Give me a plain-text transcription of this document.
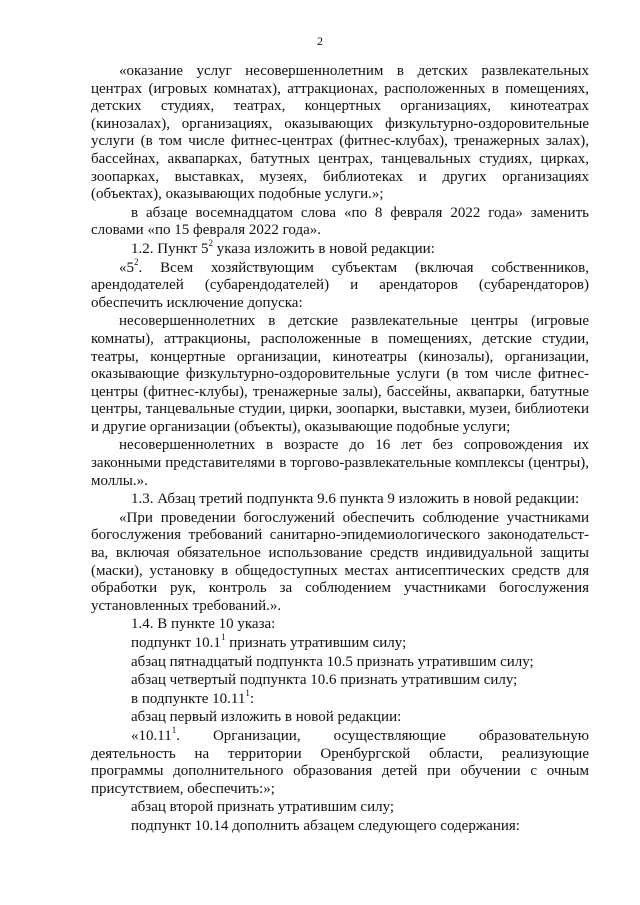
2

«оказание услуг несовершеннолетним в детских развлекательных центрах (игровых комнатах), аттракционах, расположенных в помещениях, детских студиях, театрах, концертных организациях, кинотеатрах (кинозалах), организациях, оказывающих физкультурно-оздоровительные услуги (в том числе фитнес-центрах (фитнес-клубах), тренажерных залах), бассейнах, аквапарках, батутных центрах, танцевальных студиях, цирках, зоопарках, выставках, музеях, библиотеках и других организациях (объектах), оказывающих подобные услуги.»;

в абзаце восемнадцатом слова «по 8 февраля 2022 года» заменить словами «по 15 февраля 2022 года».

1.2. Пункт $5^2$ указа изложить в новой редакции:

«$5^2$. Всем хозяйствующим субъектам (включая собственников, арендодателей (субарендодателей) и арендаторов (субарендаторов) обеспечить исключение допуска:

несовершеннолетних в детские развлекательные центры (игровые комнаты), аттракционы, расположенные в помещениях, детские студии, театры, концертные организации, кинотеатры (кинозалы), организации, оказывающие физкультурно-оздоровительные услуги (в том числе фитнес-центры (фитнес-клубы), тренажерные залы), бассейны, аквапарки, батутные центры, танцевальные студии, цирки, зоопарки, выставки, музеи, библиотеки и другие организации (объекты), оказывающие подобные услуги;

несовершеннолетних в возрасте до 16 лет без сопровождения их законными представителями в торгово-развлекательные комплексы (центры), моллы.».

1.3. Абзац третий подпункта 9.6 пункта 9 изложить в новой редакции:

«При проведении богослужений обеспечить соблюдение участниками богослужения требований санитарно-эпидемиологического законодательст-ва, включая обязательное использование средств индивидуальной защиты (маски), установку в общедоступных местах антисептических средств для обработки рук, контроль за соблюдением участниками богослужения установленных требований.».

1.4. В пункте 10 указа:

подпункт 10.1$^1$ признать утратившим силу;

абзац пятнадцатый подпункта 10.5 признать утратившим силу;

абзац четвертый подпункта 10.6 признать утратившим силу;

в подпункте 10.11$^1$:

абзац первый изложить в новой редакции:

«10.11$^1$. Организации, осуществляющие образовательную деятельность на территории Оренбургской области, реализующие программы дополнительного образования детей при обучении с очным присутствием, обеспечить:»;

абзац второй признать утратившим силу;

подпункт 10.14 дополнить абзацем следующего содержания:
